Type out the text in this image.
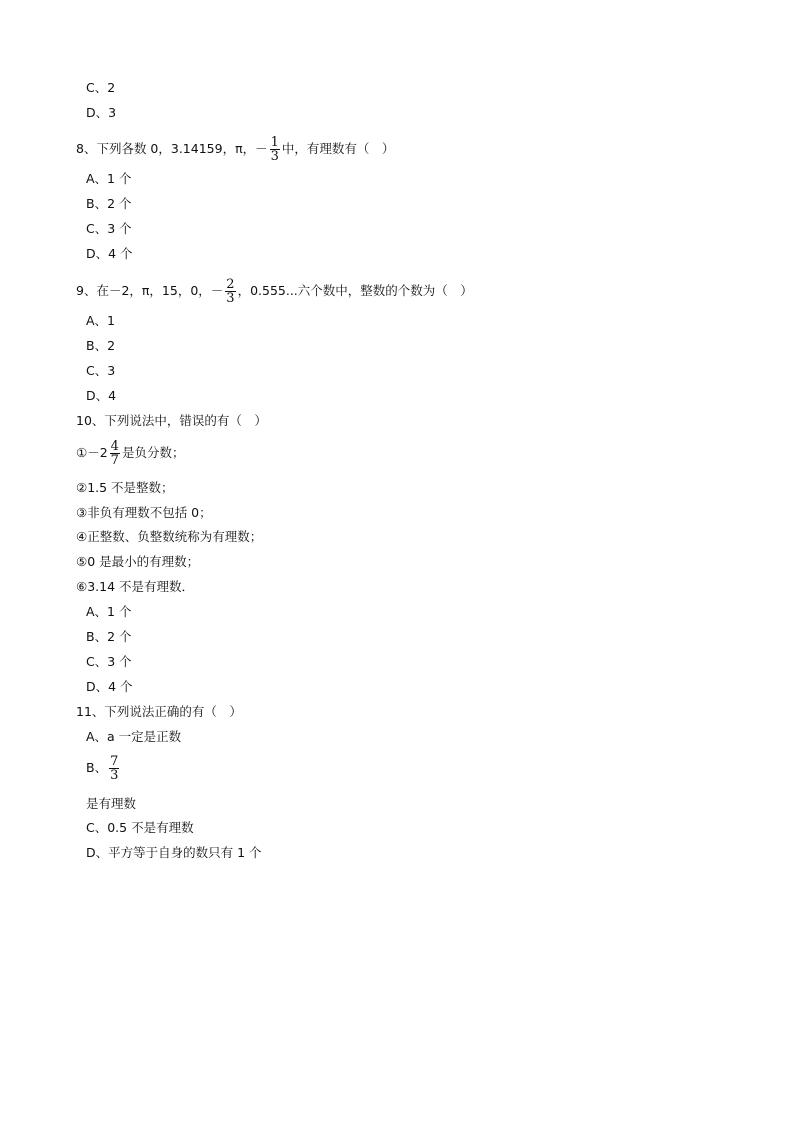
C、2
D、3
8、下列各数 0，3.14159，π，－ $\frac{1}{3}$ 中，有理数有（　）
A、1 个
B、2 个
C、3 个
D、4 个
9、在－2，π，15，0，－ $\frac{2}{3}$ ，0.555...六个数中，整数的个数为（　）
A、1
B、2
C、3
D、4
10、下列说法中，错误的有（　）
①－2 $\frac{4}{7}$ 是负分数；
②1.5 不是整数；
③非负有理数不包括 0；
④正整数、负整数统称为有理数；
⑤0 是最小的有理数；
⑥3.14 不是有理数．
A、1 个
B、2 个
C、3 个
D、4 个
11、下列说法正确的有（　）
A、a 一定是正数
B、 $\frac{7}{3}$
是有理数
C、0.5 不是有理数
D、平方等于自身的数只有 1 个
